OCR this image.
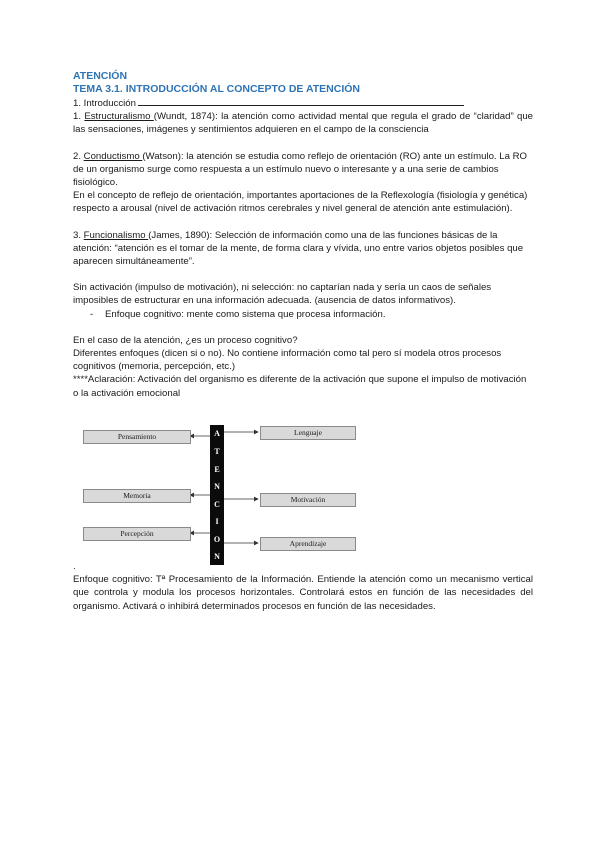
ATENCIÓN

TEMA 3.1. INTRODUCCIÓN AL CONCEPTO DE ATENCIÓN

1. Introducción

1. Estructuralismo (Wundt, 1874): la atención como actividad mental que regula el grado de “claridad” que las sensaciones, imágenes y sentimientos adquieren en el campo de la consciencia

2. Conductismo (Watson): la atención se estudia como reflejo de orientación (RO) ante un estímulo. La RO de un organismo surge como respuesta a un estímulo nuevo o interesante y a una serie de cambios fisiológico.

En el concepto de reflejo de orientación, importantes aportaciones de la Reflexología (fisiología y genética) respecto a arousal (nivel de activación ritmos cerebrales y nivel general de atención ante estimulación).

3. Funcionalismo (James, 1890): Selección de información como una de las funciones básicas de la atención: “atención es el tomar de la mente, de forma clara y vívida, uno entre varios objetos posibles que aparecen simultáneamente”.

Sin activación (impulso de motivación), ni selección: no captarían nada y sería un caos de señales imposibles de estructurar en una información adecuada. (ausencia de datos informativos).

- Enfoque cognitivo: mente como sistema que procesa información.

En el caso de la atención, ¿es un proceso cognitivo?

Diferentes enfoques (dicen si o no). No contiene información como tal pero sí modela otros procesos cognitivos (memoria, percepción, etc.)

****Aclaración: Activación del organismo es diferente de la activación que supone el impulso de motivación o la activación emocional

Pensamiento
Memoria
Percepción
Lenguaje
Motivación
Aprendizaje
A
T
E
N
C
I
O
N

.

Enfoque cognitivo: Tª Procesamiento de la Información. Entiende la atención como un mecanismo vertical que controla y modula los procesos horizontales. Controlará estos en función de las necesidades del organismo. Activará o inhibirá determinados procesos en función de las necesidades.
